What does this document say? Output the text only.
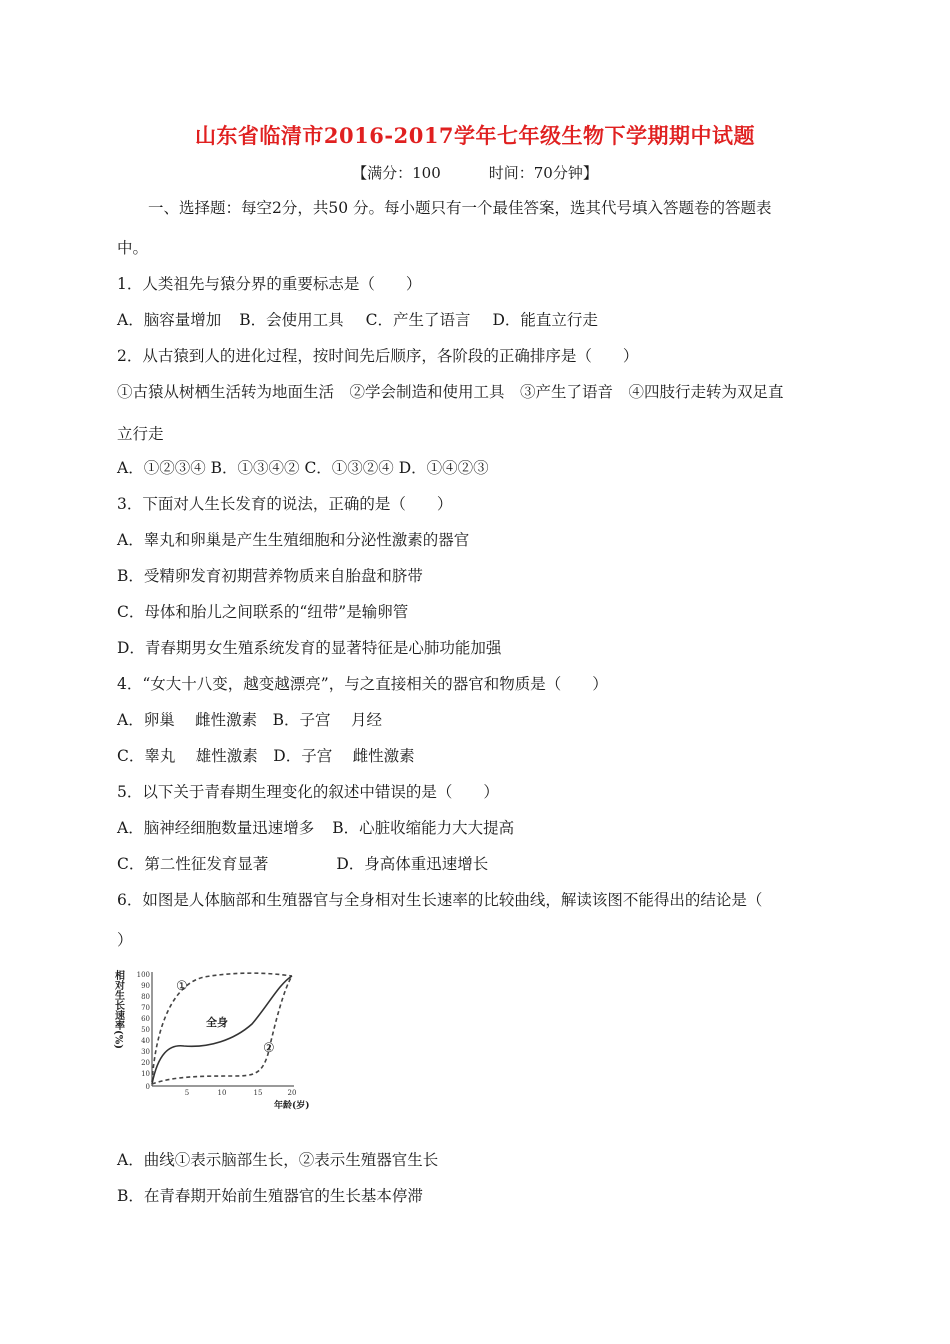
山东省临清市2016-2017学年七年级生物下学期期中试题
【满分：100	时间：70分钟】
一、选择题：每空2分，共50 分。每小题只有一个最佳答案，选其代号填入答题卷的答题表
中。
1．人类祖先与猿分界的重要标志是（　　）
A．脑容量增加 B．会使用工具 C．产生了语言 D．能直立行走
2．从古猿到人的进化过程，按时间先后顺序，各阶段的正确排序是（　　）
①古猿从树栖生活转为地面生活　②学会制造和使用工具　③产生了语音　④四肢行走转为双足直
立行走
A．①②③④ B．①③④② C．①③②④ D．①④②③
3．下面对人生长发育的说法，正确的是（　　）
A．睾丸和卵巢是产生生殖细胞和分泌性激素的器官
B．受精卵发育初期营养物质来自胎盘和脐带
C．母体和胎儿之间联系的“纽带”是输卵管
D．青春期男女生殖系统发育的显著特征是心肺功能加强
4．“女大十八变，越变越漂亮”，与之直接相关的器官和物质是（　　）
A．卵巢　 雌性激素　B．子宫　 月经
C．睾丸　 雄性激素　D．子宫　 雌性激素
5．以下关于青春期生理变化的叙述中错误的是（　　）
A．脑神经细胞数量迅速增多 B．心脏收缩能力大大提高
C．第二性征发育显著	D．身高体重迅速增长
6．如图是人体脑部和生殖器官与全身相对生长速率的比较曲线，解读该图不能得出的结论是（
）
相对生长速率(%) 100
90
80
70
60
50
40
30
20
10
0
5	10	15	20
年龄(岁)
①
全身
②
A．曲线①表示脑部生长，②表示生殖器官生长
B．在青春期开始前生殖器官的生长基本停滞
